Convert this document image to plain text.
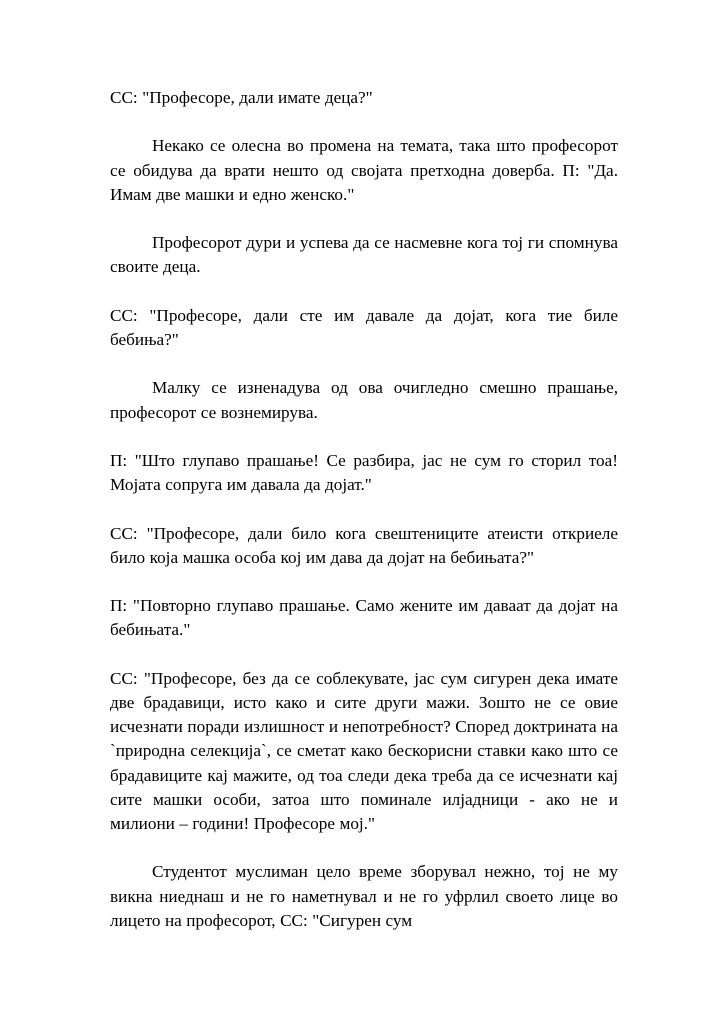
СС: "Професоре, дали имате деца?"

Некако се олесна во промена на темата, така што професорот се обидува да врати нешто од својата претходна доверба. П: "Да. Имам две машки и едно женско."

Професорот дури и успева да се насмевне кога тој ги спомнува своите деца.

СС: "Професоре, дали сте им давале да дојат, кога тие биле бебиња?"

Малку се изненадува од ова очигледно смешно прашање, професорот се вознемирува.

П: "Што глупаво прашање! Се разбира, јас не сум го сторил тоа! Мојата сопруга им давала да дојат."

СС: "Професоре, дали било кога свештениците атеисти откриеле било која машка особа кој им дава да дојат на бебињата?"

П: "Повторно глупаво прашање. Само жените им даваат да дојат на бебињата."

СС: "Професоре, без да се соблекувате, јас сум сигурен дека имате две брадавици, исто како и сите други мажи. Зошто не се овие исчезнати поради излишност и непотребност? Според доктрината на `природна селекција`, се сметат како бескорисни ставки како што се брадавиците кај мажите, од тоа следи дека треба да се исчезнати кај сите машки особи, затоа што поминале илјадници - ако не и милиони – години! Професоре мој."

Студентот муслиман цело време зборувал нежно, тој не му викна ниеднаш и не го наметнувал и не го уфрлил своето лице во лицето на професорот, СС: "Сигурен сум
